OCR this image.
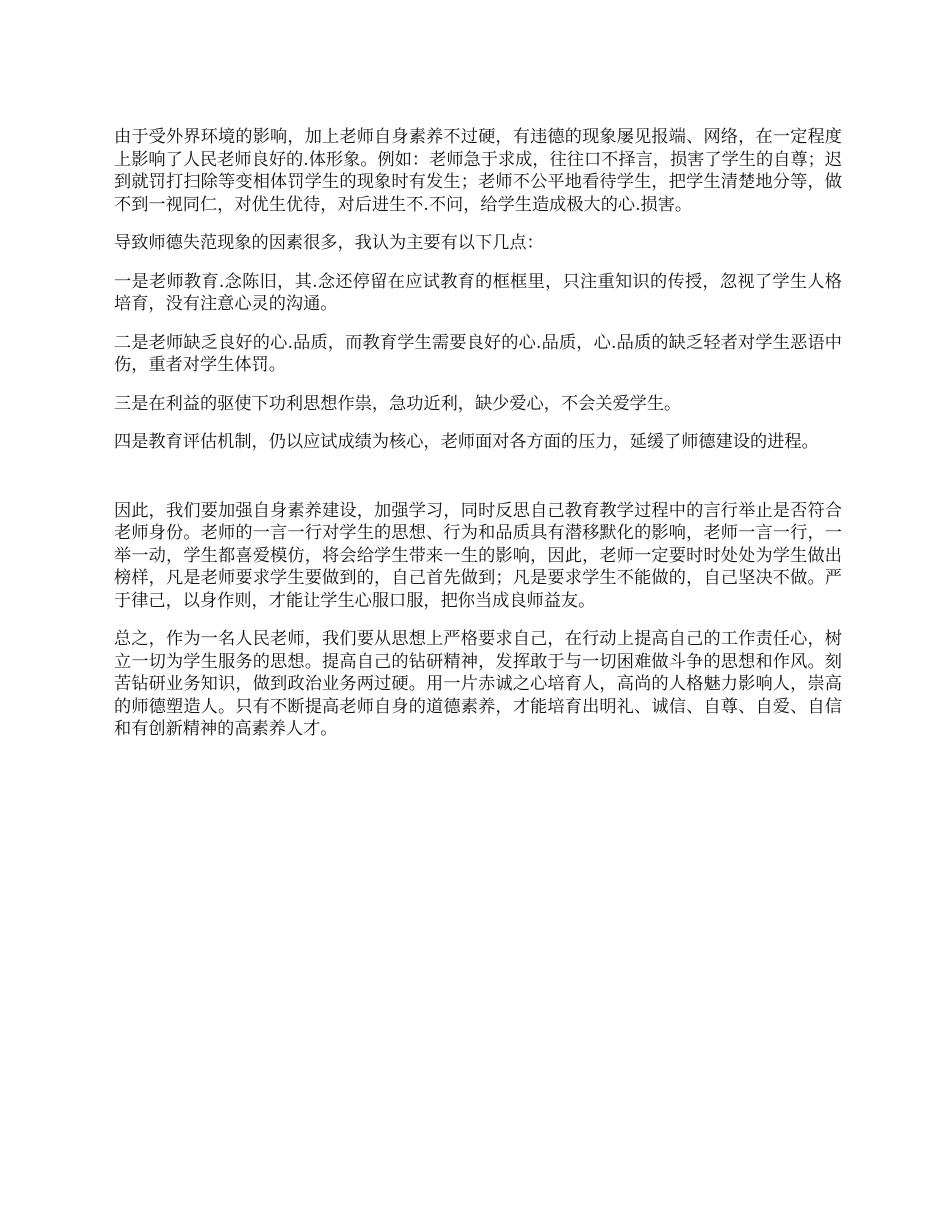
由于受外界环境的影响，加上老师自身素养不过硬，有违德的现象屡见报端、网络，在一定程度上影响了人民老师良好的.体形象。例如：老师急于求成，往往口不择言，损害了学生的自尊；迟到就罚打扫除等变相体罚学生的现象时有发生；老师不公平地看待学生，把学生清楚地分等，做不到一视同仁，对优生优待，对后进生不.不问，给学生造成极大的心.损害。

导致师德失范现象的因素很多，我认为主要有以下几点：

一是老师教育.念陈旧，其.念还停留在应试教育的框框里，只注重知识的传授，忽视了学生人格培育，没有注意心灵的沟通。

二是老师缺乏良好的心.品质，而教育学生需要良好的心.品质，心.品质的缺乏轻者对学生恶语中伤，重者对学生体罚。

三是在利益的驱使下功利思想作祟，急功近利，缺少爱心，不会关爱学生。

四是教育评估机制，仍以应试成绩为核心，老师面对各方面的压力，延缓了师德建设的进程。

因此，我们要加强自身素养建设，加强学习，同时反思自己教育教学过程中的言行举止是否符合老师身份。老师的一言一行对学生的思想、行为和品质具有潜移默化的影响，老师一言一行，一举一动，学生都喜爱模仿，将会给学生带来一生的影响，因此，老师一定要时时处处为学生做出榜样，凡是老师要求学生要做到的，自己首先做到；凡是要求学生不能做的，自己坚决不做。严于律己，以身作则，才能让学生心服口服，把你当成良师益友。

总之，作为一名人民老师，我们要从思想上严格要求自己，在行动上提高自己的工作责任心，树立一切为学生服务的思想。提高自己的钻研精神，发挥敢于与一切困难做斗争的思想和作风。刻苦钻研业务知识，做到政治业务两过硬。用一片赤诚之心培育人，高尚的人格魅力影响人，崇高的师德塑造人。只有不断提高老师自身的道德素养，才能培育出明礼、诚信、自尊、自爱、自信和有创新精神的高素养人才。
